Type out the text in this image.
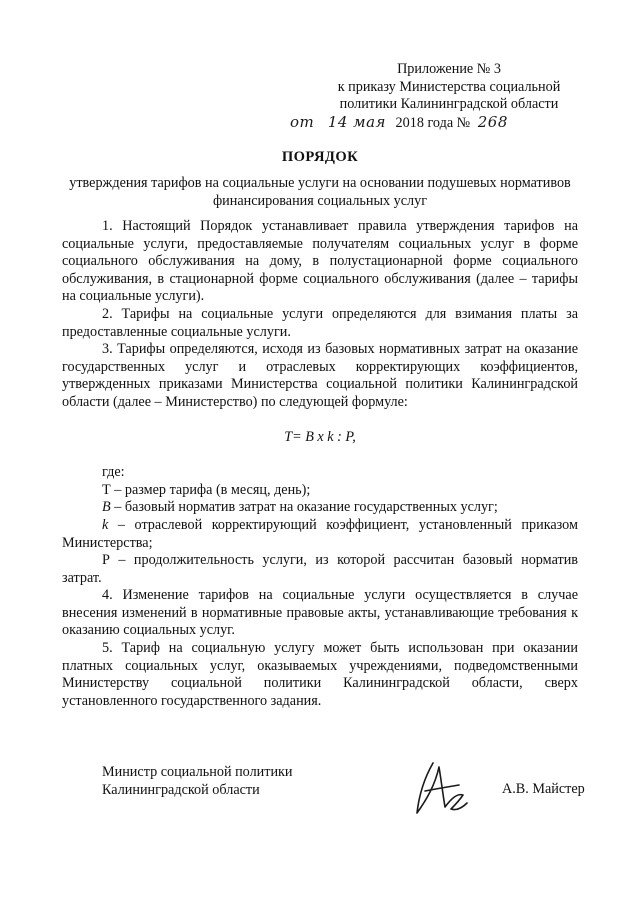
Приложение № 3
к приказу Министерства социальной
политики Калининградской области
от 14 мая 2018 года № 268
ПОРЯДОК
утверждения тарифов на социальные услуги на основании подушевых нормативов
финансирования социальных услуг

1. Настоящий Порядок устанавливает правила утверждения тарифов на социальные услуги, предоставляемые получателям социальных услуг в форме социального обслуживания на дому, в полустационарной форме социального обслуживания, в стационарной форме социального обслуживания (далее – тарифы на социальные услуги).

2. Тарифы на социальные услуги определяются для взимания платы за предоставленные социальные услуги.

3. Тарифы определяются, исходя из базовых нормативных затрат на оказание государственных услуг и отраслевых корректирующих коэффициентов, утвержденных приказами Министерства социальной политики Калининградской области (далее – Министерство) по следующей формуле:

T= B x k : P,

где:

Т – размер тарифа (в месяц, день);

B – базовый норматив затрат на оказание государственных услуг;

k – отраслевой корректирующий коэффициент, установленный приказом Министерства;

Р – продолжительность услуги, из которой рассчитан базовый норматив затрат.

4. Изменение тарифов на социальные услуги осуществляется в случае внесения изменений в нормативные правовые акты, устанавливающие требования к оказанию социальных услуг.

5. Тариф на социальную услугу может быть использован при оказании платных социальных услуг, оказываемых учреждениями, подведомственными Министерству социальной политики Калининградской области, сверх установленного государственного задания.

Министр социальной политики
Калининградской области	А.В. Майстер
